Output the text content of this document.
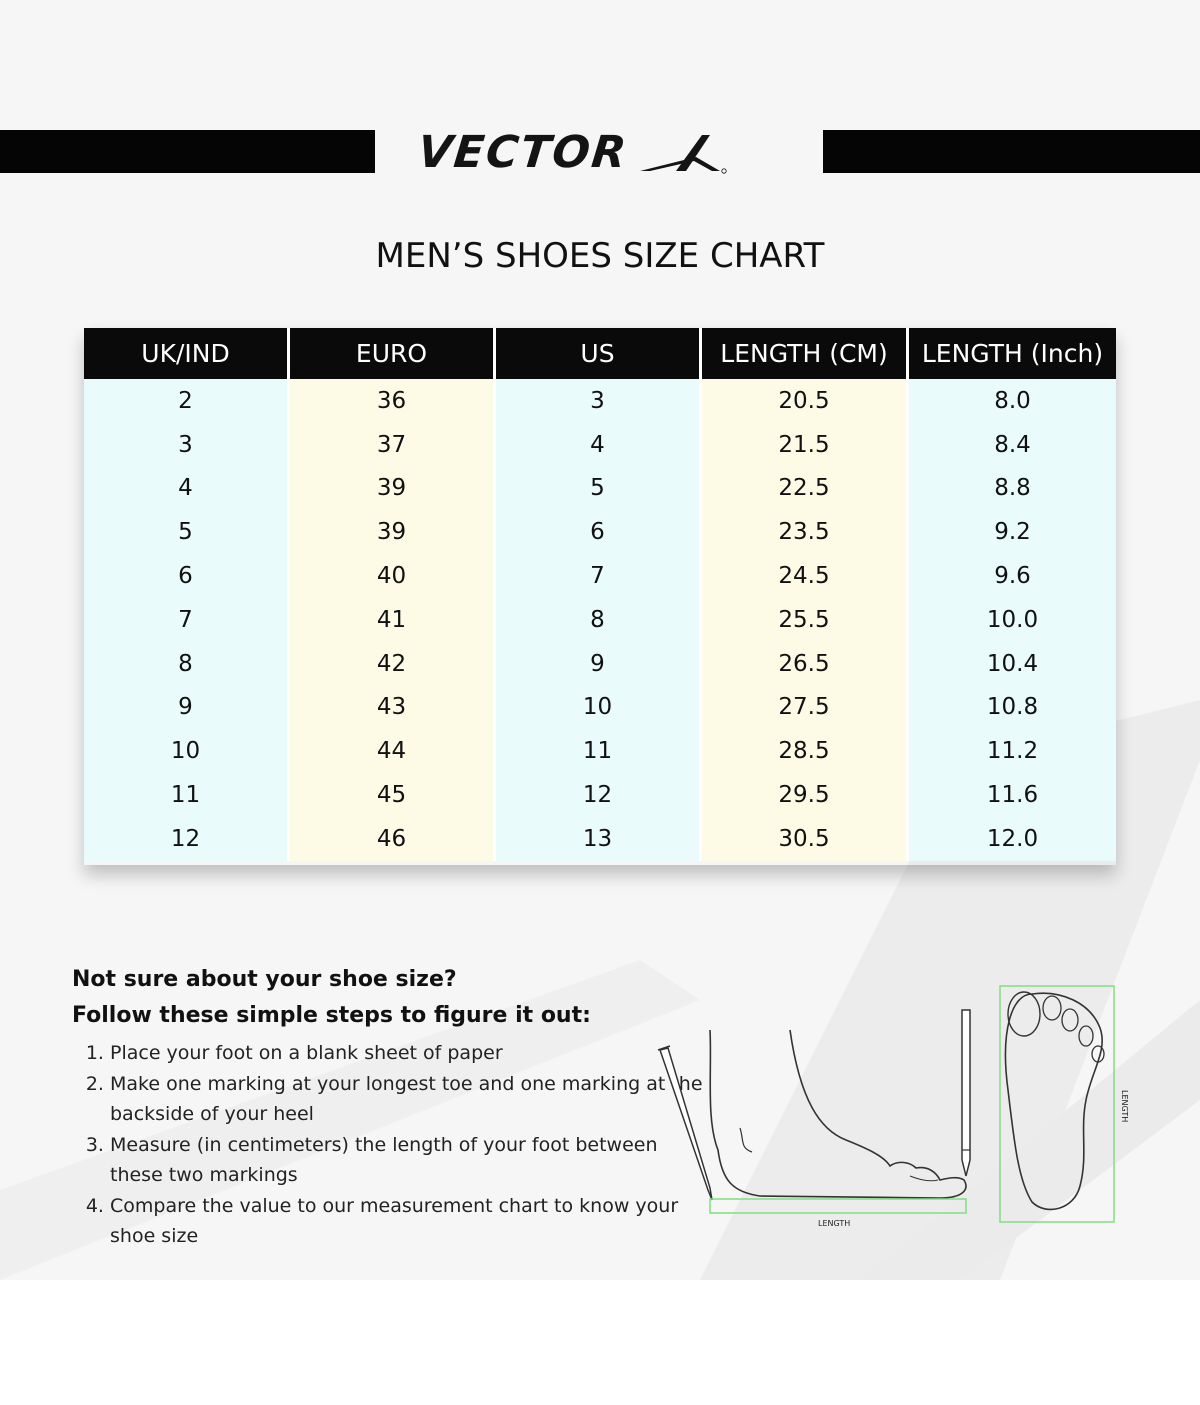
VECTOR
MEN’S SHOES SIZE CHART
UK/IND	EURO	US	LENGTH (CM)	LENGTH (Inch)
2	36	3	20.5	8.0
3	37	4	21.5	8.4
4	39	5	22.5	8.8
5	39	6	23.5	9.2
6	40	7	24.5	9.6
7	41	8	25.5	10.0
8	42	9	26.5	10.4
9	43	10	27.5	10.8
10	44	11	28.5	11.2
11	45	12	29.5	11.6
12	46	13	30.5	12.0
Not sure about your shoe size?
Follow these simple steps to figure it out:
1. Place your foot on a blank sheet of paper
2. Make one marking at your longest toe and one marking at the backside of your heel
3. Measure (in centimeters) the length of your foot between these two markings
4. Compare the value to our measurement chart to know your shoe size
LENGTH
LENGTH
